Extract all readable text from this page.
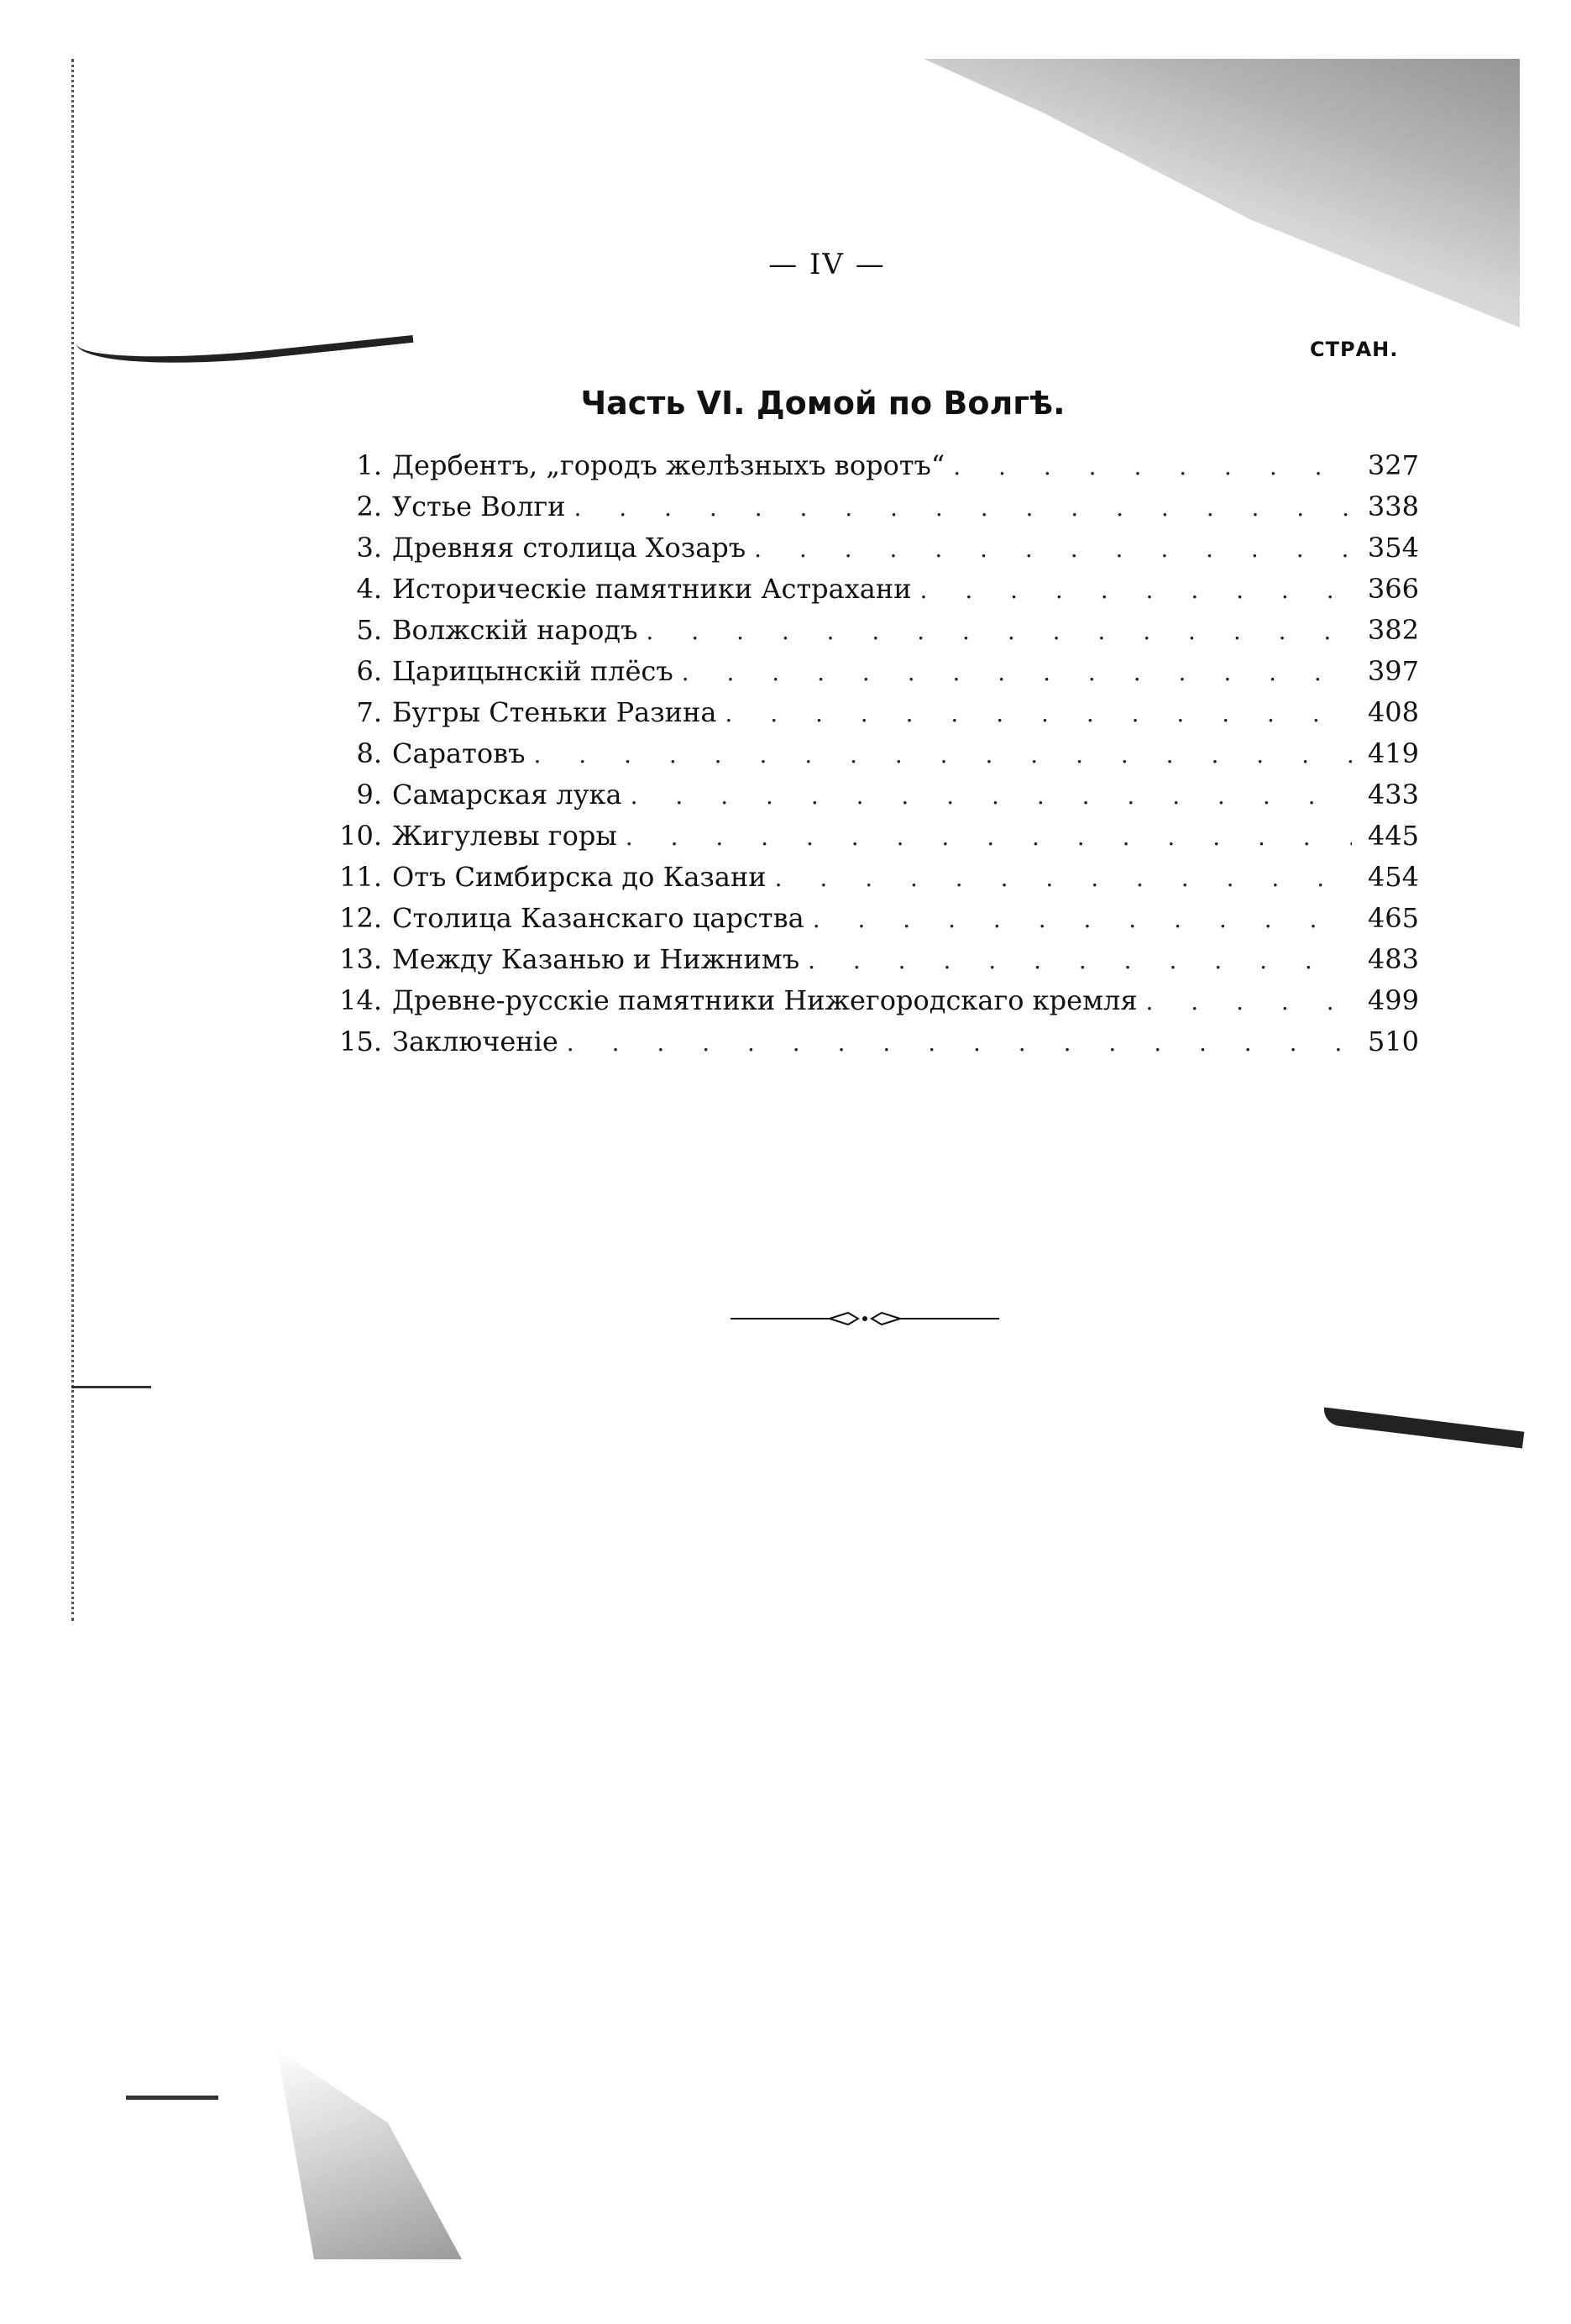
— IV —
СТРАН.
Часть VI. Домой по Волгѣ.
1. Дербентъ, „городъ желѣзныхъ воротъ“ . . .	327
2. Устье Волги . . .	338
3. Древняя столица Хозаръ . . .	354
4. Историческіе памятники Астрахани . . .	366
5. Волжскій народъ . . .	382
6. Царицынскій плёсъ . . .	397
7. Бугры Стеньки Разина . . .	408
8. Саратовъ . . .	419
9. Самарская лука . . .	433
10. Жигулевы горы . . .	445
11. Отъ Симбирска до Казани . . .	454
12. Столица Казанскаго царства . . .	465
13. Между Казанью и Нижнимъ . . .	483
14. Древне-русскіе памятники Нижегородскаго кремля . . .	499
15. Заключеніе . . .	510
